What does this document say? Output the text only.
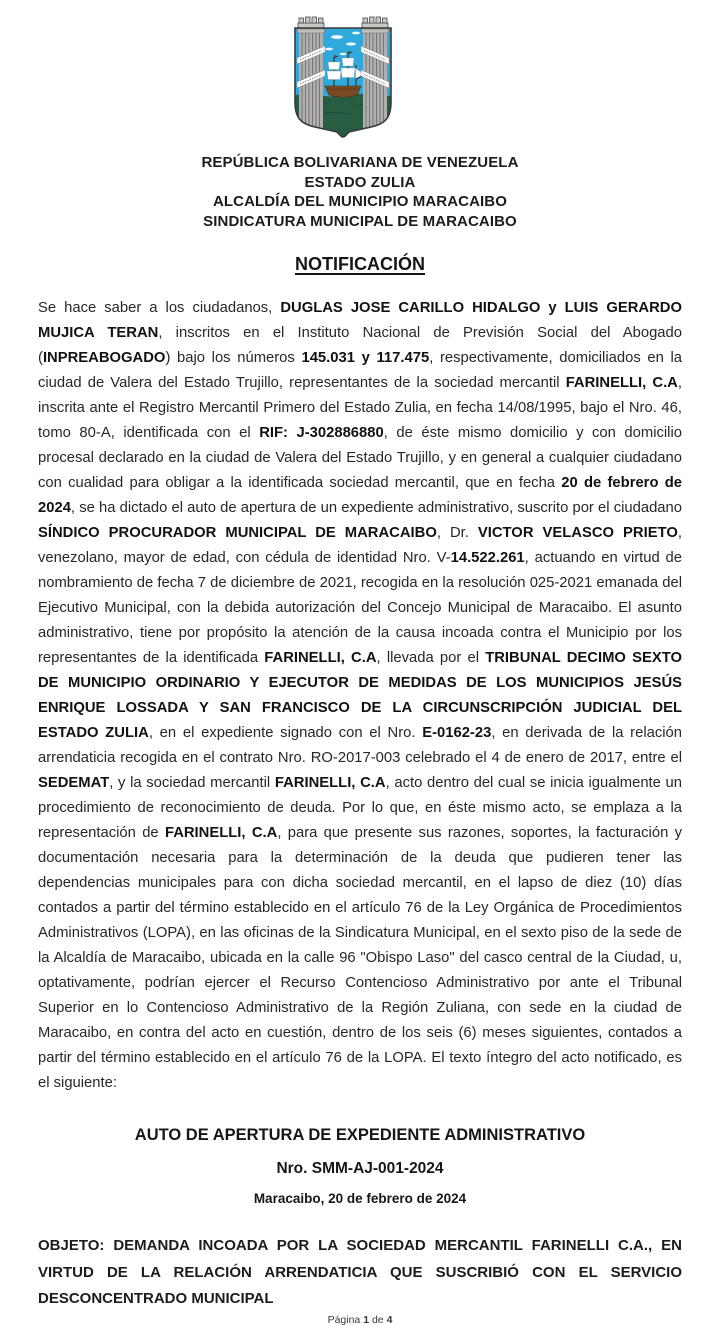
REPÚBLICA BOLIVARIANA DE VENEZUELA
ESTADO ZULIA
ALCALDÍA DEL MUNICIPIO MARACAIBO
SINDICATURA MUNICIPAL DE MARACAIBO
NOTIFICACIÓN

Se hace saber a los ciudadanos, DUGLAS JOSE CARILLO HIDALGO y LUIS GERARDO MUJICA TERAN, inscritos en el Instituto Nacional de Previsión Social del Abogado (INPREABOGADO) bajo los números 145.031 y 117.475, respectivamente, domiciliados en la ciudad de Valera del Estado Trujillo, representantes de la sociedad mercantil FARINELLI, C.A, inscrita ante el Registro Mercantil Primero del Estado Zulia, en fecha 14/08/1995, bajo el Nro. 46, tomo 80-A, identificada con el RIF: J-302886880, de éste mismo domicilio y con domicilio procesal declarado en la ciudad de Valera del Estado Trujillo, y en general a cualquier ciudadano con cualidad para obligar a la identificada sociedad mercantil, que en fecha 20 de febrero de 2024, se ha dictado el auto de apertura de un expediente administrativo, suscrito por el ciudadano SÍNDICO PROCURADOR MUNICIPAL DE MARACAIBO, Dr. VICTOR VELASCO PRIETO, venezolano, mayor de edad, con cédula de identidad Nro. V-14.522.261, actuando en virtud de nombramiento de fecha 7 de diciembre de 2021, recogida en la resolución 025-2021 emanada del Ejecutivo Municipal, con la debida autorización del Concejo Municipal de Maracaibo. El asunto administrativo, tiene por propósito la atención de la causa incoada contra el Municipio por los representantes de la identificada FARINELLI, C.A, llevada por el TRIBUNAL DECIMO SEXTO DE MUNICIPIO ORDINARIO Y EJECUTOR DE MEDIDAS DE LOS MUNICIPIOS JESÚS ENRIQUE LOSSADA Y SAN FRANCISCO DE LA CIRCUNSCRIPCIÓN JUDICIAL DEL ESTADO ZULIA, en el expediente signado con el Nro. E-0162-23, en derivada de la relación arrendaticia recogida en el contrato Nro. RO-2017-003 celebrado el 4 de enero de 2017, entre el SEDEMAT, y la sociedad mercantil FARINELLI, C.A, acto dentro del cual se inicia igualmente un procedimiento de reconocimiento de deuda. Por lo que, en éste mismo acto, se emplaza a la representación de FARINELLI, C.A, para que presente sus razones, soportes, la facturación y documentación necesaria para la determinación de la deuda que pudieren tener las dependencias municipales para con dicha sociedad mercantil, en el lapso de diez (10) días contados a partir del término establecido en el artículo 76 de la Ley Orgánica de Procedimientos Administrativos (LOPA), en las oficinas de la Sindicatura Municipal, en el sexto piso de la sede de la Alcaldía de Maracaibo, ubicada en la calle 96 "Obispo Laso" del casco central de la Ciudad, u, optativamente, podrían ejercer el Recurso Contencioso Administrativo por ante el Tribunal Superior en lo Contencioso Administrativo de la Región Zuliana, con sede en la ciudad de Maracaibo, en contra del acto en cuestión, dentro de los seis (6) meses siguientes, contados a partir del término establecido en el artículo 76 de la LOPA. El texto íntegro del acto notificado, es el siguiente:

AUTO DE APERTURA DE EXPEDIENTE ADMINISTRATIVO
Nro. SMM-AJ-001-2024
Maracaibo, 20 de febrero de 2024

OBJETO: DEMANDA INCOADA POR LA SOCIEDAD MERCANTIL FARINELLI C.A., EN VIRTUD DE LA RELACIÓN ARRENDATICIA QUE SUSCRIBIÓ CON EL SERVICIO DESCONCENTRADO MUNICIPAL

Página 1 de 4
